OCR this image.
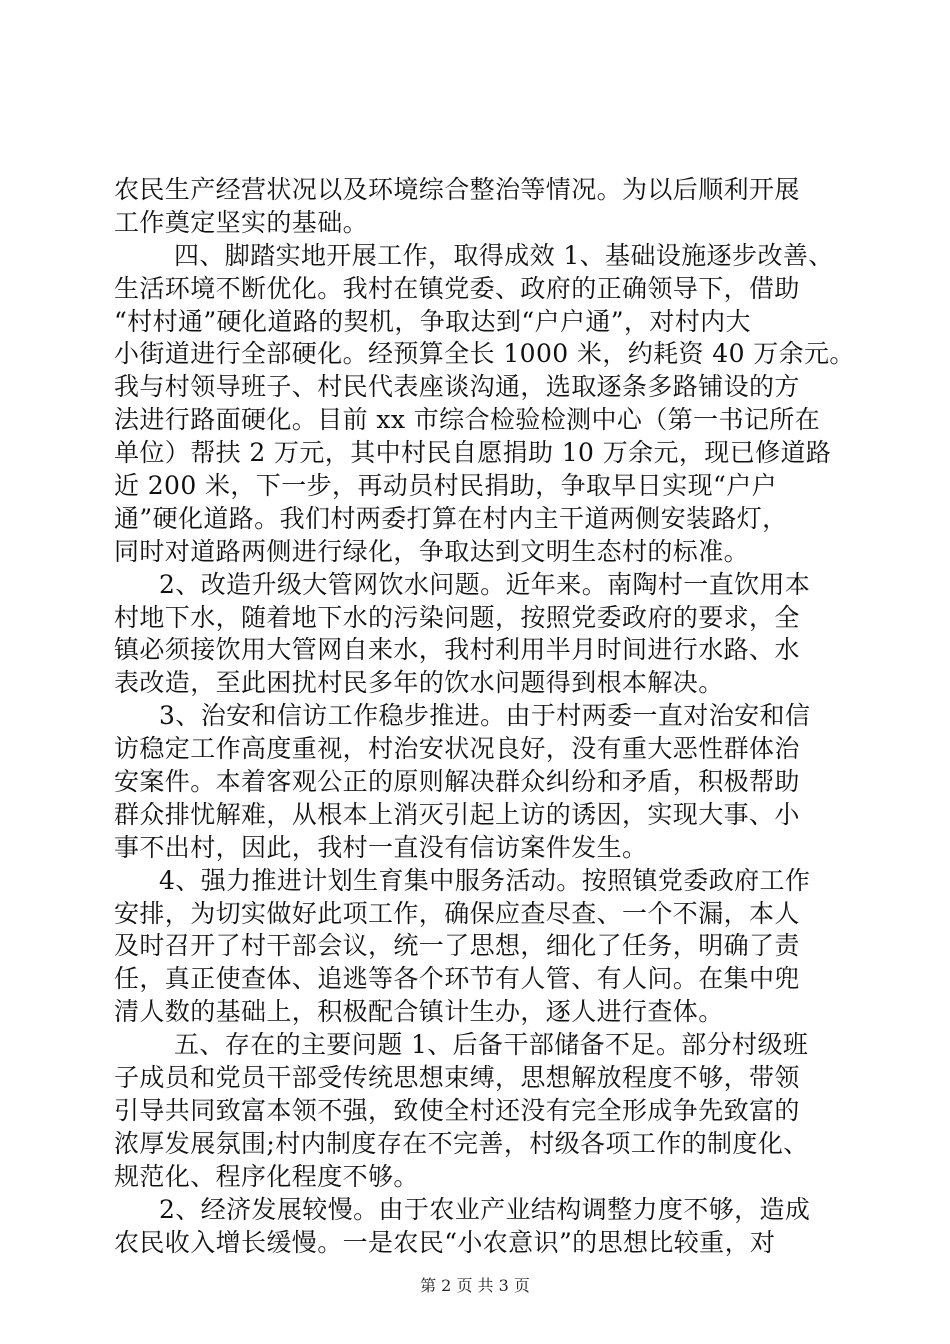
农民生产经营状况以及环境综合整治等情况。为以后顺利开展
工作奠定坚实的基础。
四、脚踏实地开展工作，取得成效 1、基础设施逐步改善、
生活环境不断优化。我村在镇党委、政府的正确领导下，借助
“村村通”硬化道路的契机，争取达到“户户通”，对村内大
小街道进行全部硬化。经预算全长 1000 米，约耗资 40 万余元。
我与村领导班子、村民代表座谈沟通，选取逐条多路铺设的方
法进行路面硬化。目前 xx 市综合检验检测中心（第一书记所在
单位）帮扶 2 万元，其中村民自愿捐助 10 万余元，现已修道路
近 200 米，下一步，再动员村民捐助，争取早日实现“户户
通”硬化道路。我们村两委打算在村内主干道两侧安装路灯，
同时对道路两侧进行绿化，争取达到文明生态村的标准。
2、改造升级大管网饮水问题。近年来。南陶村一直饮用本
村地下水，随着地下水的污染问题，按照党委政府的要求，全
镇必须接饮用大管网自来水，我村利用半月时间进行水路、水
表改造，至此困扰村民多年的饮水问题得到根本解决。
3、治安和信访工作稳步推进。由于村两委一直对治安和信
访稳定工作高度重视，村治安状况良好，没有重大恶性群体治
安案件。本着客观公正的原则解决群众纠纷和矛盾，积极帮助
群众排忧解难，从根本上消灭引起上访的诱因，实现大事、小
事不出村，因此，我村一直没有信访案件发生。
4、强力推进计划生育集中服务活动。按照镇党委政府工作
安排，为切实做好此项工作，确保应查尽查、一个不漏，本人
及时召开了村干部会议，统一了思想，细化了任务，明确了责
任，真正使查体、追逃等各个环节有人管、有人问。在集中兜
清人数的基础上，积极配合镇计生办，逐人进行查体。
五、存在的主要问题 1、后备干部储备不足。部分村级班
子成员和党员干部受传统思想束缚，思想解放程度不够，带领
引导共同致富本领不强，致使全村还没有完全形成争先致富的
浓厚发展氛围;村内制度存在不完善，村级各项工作的制度化、
规范化、程序化程度不够。
2、经济发展较慢。由于农业产业结构调整力度不够，造成
农民收入增长缓慢。一是农民“小农意识”的思想比较重，对
第 2 页 共 3 页
